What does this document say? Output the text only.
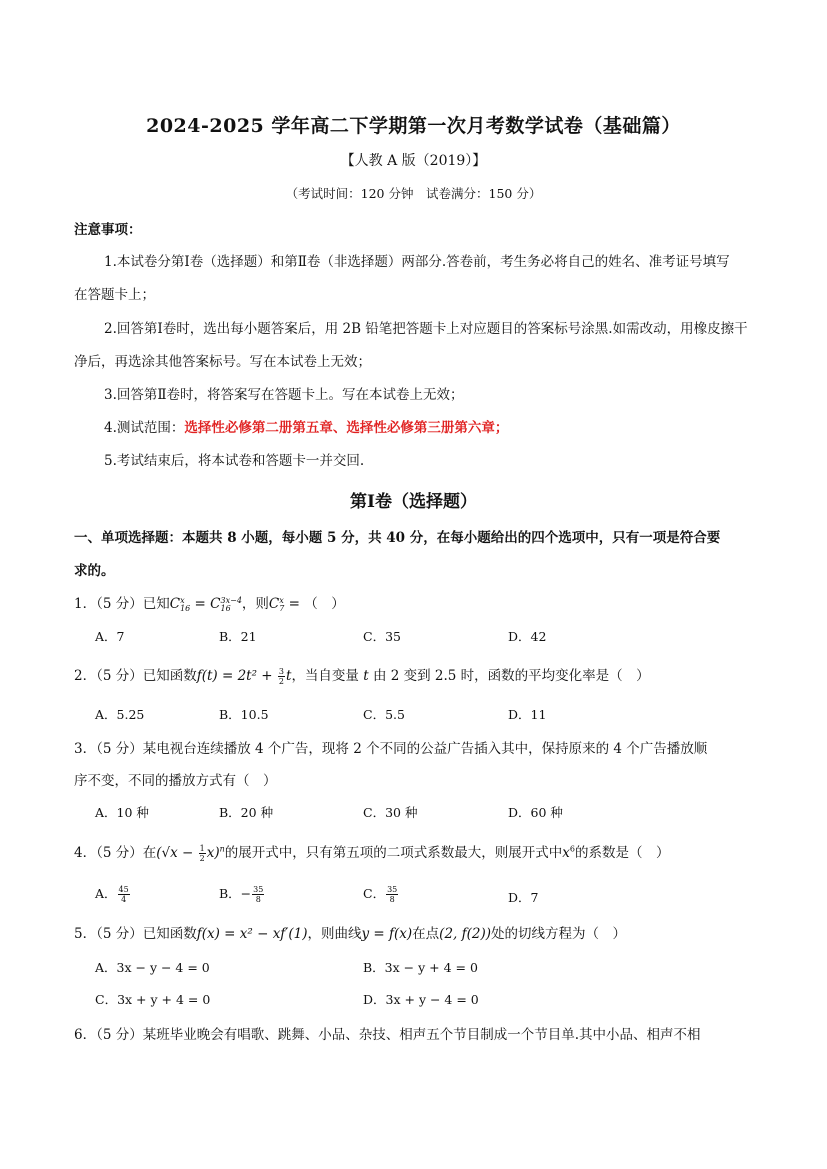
2024-2025 学年高二下学期第一次月考数学试卷（基础篇）
【人教 A 版（2019）】
（考试时间：120 分钟　试卷满分：150 分）
注意事项：
1.本试卷分第Ⅰ卷（选择题）和第Ⅱ卷（非选择题）两部分.答卷前，考生务必将自己的姓名、准考证号填写
在答题卡上；
2.回答第Ⅰ卷时，选出每小题答案后，用 2B 铅笔把答题卡上对应题目的答案标号涂黑.如需改动，用橡皮擦干
净后，再选涂其他答案标号。写在本试卷上无效；
3.回答第Ⅱ卷时，将答案写在答题卡上。写在本试卷上无效；
4.测试范围：选择性必修第二册第五章、选择性必修第三册第六章；
5.考试结束后，将本试卷和答题卡一并交回.
第Ⅰ卷（选择题）
一、单项选择题：本题共 8 小题，每小题 5 分，共 40 分，在每小题给出的四个选项中，只有一项是符合要
求的。
1．（5 分）已知C x
16 = C 3x−4
16 ，则C x
7 = （　）
A．7	B．21	C．35	D．42
2．（5 分）已知函数$f(t) = 2t^2 + \frac{3}{2}$ t，当自变量 t 由 2 变到 2.5 时，函数的平均变化率是（　）
A．5.25	B．10.5	C．5.5	D．11
3．（5 分）某电视台连续播放 4 个广告，现将 2 个不同的公益广告插入其中，保持原来的 4 个广告播放顺
序不变，不同的播放方式有（　）
A．10 种	B．20 种	C．30 种	D．60 种
4．（5 分）在$(√x - \frac{1}{2} x)^n$的展开式中，只有第五项的二项式系数最大，则展开式中$x^6$的系数是（　）
A． $\frac{45}{4}$	B．− $\frac{35}{8}$	C． $\frac{35}{8}$	D．7
5．（5 分）已知函数f(x) = x² − xf′(1)，则曲线y = f(x)在点(2, f(2))处的切线方程为（　）
A．3x − y − 4 = 0	B．3x − y + 4 = 0
C．3x + y + 4 = 0	D．3x + y − 4 = 0
6．（5 分）某班毕业晚会有唱歌、跳舞、小品、杂技、相声五个节目制成一个节目单.其中小品、相声不相
